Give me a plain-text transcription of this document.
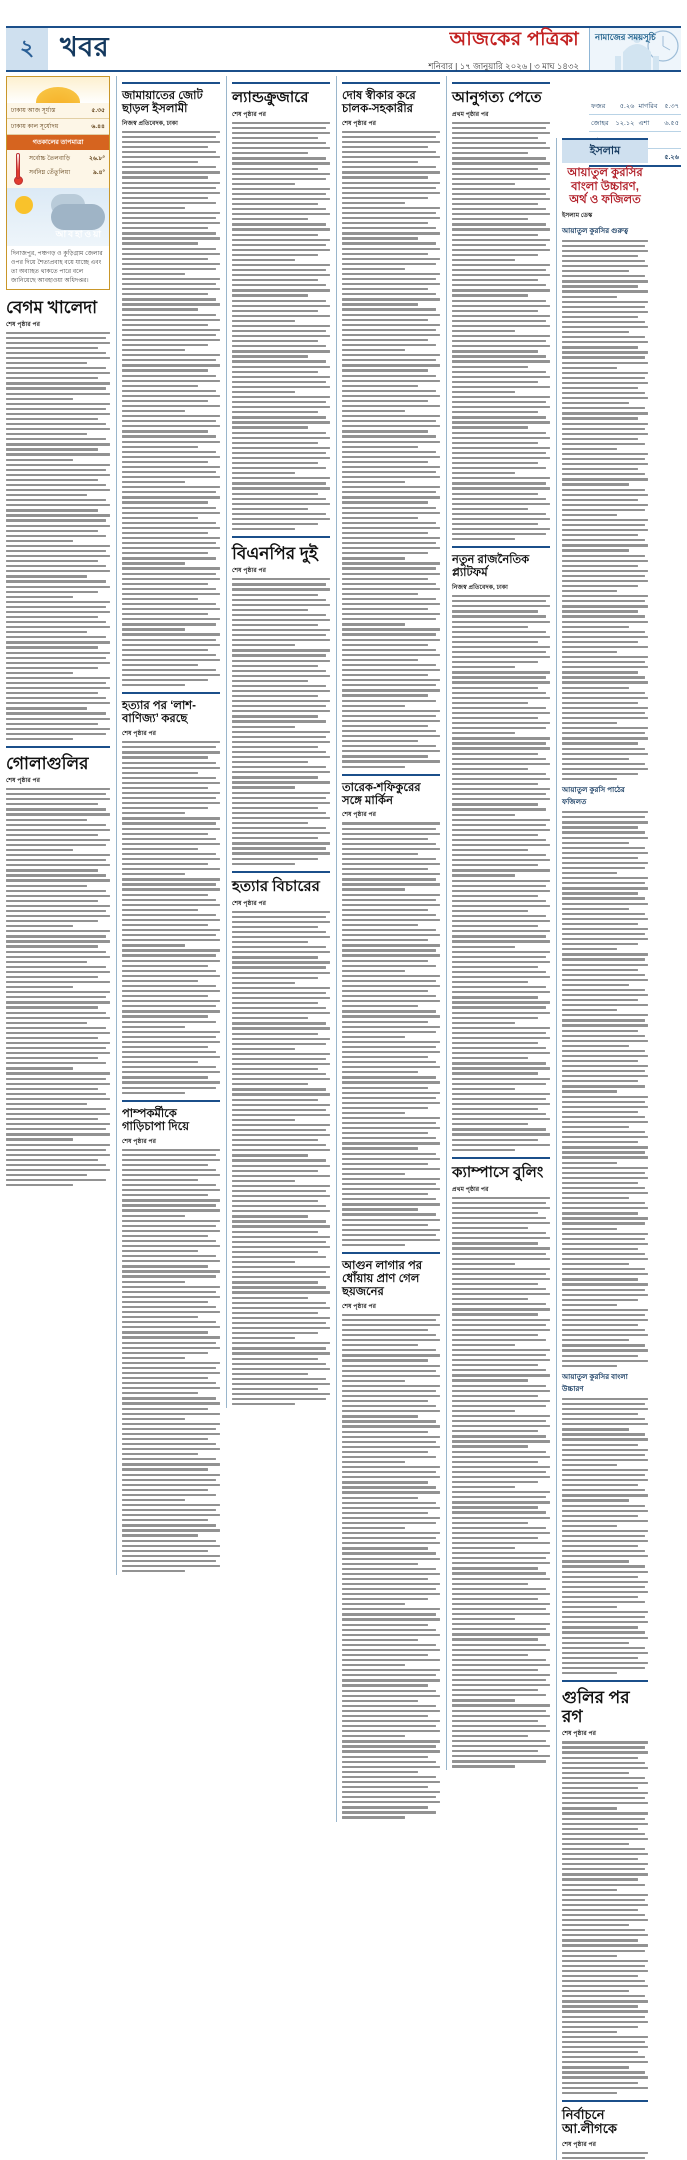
২ খবর	আজকের পত্রিকা
শনিবার | ১৭ জানুয়ারি ২০২৬ | ৩ মাঘ ১৪৩২
নামাজের সময়সূচি
ফজর	৫.২৬	মাগরিব	৫.৩৭
জোহর	১২.১২	এশা	৬.৫৫

	৫.২৬
ঢাকায় আজ সূর্যাস্ত	৫.৩৫
ঢাকায় কাল সূর্যোদয়	৬.৪৪
গতকালের তাপমাত্রা
সর্বোচ্চ তৈলবাড়ি	২৬.৮°
সর্বনিম্ন তেঁতুলিয়া	৯.৪°
আবহাওয়া
দিনাজপুর, পঞ্চগড় ও কুড়িগ্রাম জেলার ওপর দিয়ে শৈত্যপ্রবাহ বয়ে যাচ্ছে এবং তা অব্যাহত থাকতে পারে বলে জানিয়েছে আবহাওয়া অধিদপ্তর।
বেগম খালেদা
শেষ পৃষ্ঠার পর
গোলাগুলির
শেষ পৃষ্ঠার পর
জামায়াতের জোট ছাড়ল ইসলামী
নিজস্ব প্রতিবেদক, ঢাকা
হত্যার পর ‘লাশ-বাণিজ্য’ করছে
শেষ পৃষ্ঠার পর
পাম্পকর্মীকে গাড়িচাপা দিয়ে
শেষ পৃষ্ঠার পর
ল্যান্ডক্রুজারে
শেষ পৃষ্ঠার পর
বিএনপির দুই
শেষ পৃষ্ঠার পর
হত্যার বিচারের
শেষ পৃষ্ঠার পর
দোষ স্বীকার করে চালক-সহকারীর
শেষ পৃষ্ঠার পর
তারেক-শফিকুরের সঙ্গে মার্কিন
শেষ পৃষ্ঠার পর
আগুন লাগার পর ধোঁয়ায় প্রাণ গেল ছয়জনের
শেষ পৃষ্ঠার পর
আনুগত্য পেতে
প্রথম পৃষ্ঠার পর
নতুন রাজনৈতিক প্ল্যাটফর্ম
নিজস্ব প্রতিবেদক, ঢাকা
ক্যাম্পাসে বুলিং
প্রথম পৃষ্ঠার পর
ইসলাম
আয়াতুল কুরসির বাংলা উচ্চারণ, অর্থ ও ফজিলত
ইসলাম ডেস্ক
আয়াতুল কুরসির গুরুত্ব
আয়াতুল কুরসি পাঠের ফজিলত
আয়াতুল কুরসির বাংলা উচ্চারণ
গুলির পর রগ
শেষ পৃষ্ঠার পর
নির্বাচনে আ.লীগকে
শেষ পৃষ্ঠার পর
